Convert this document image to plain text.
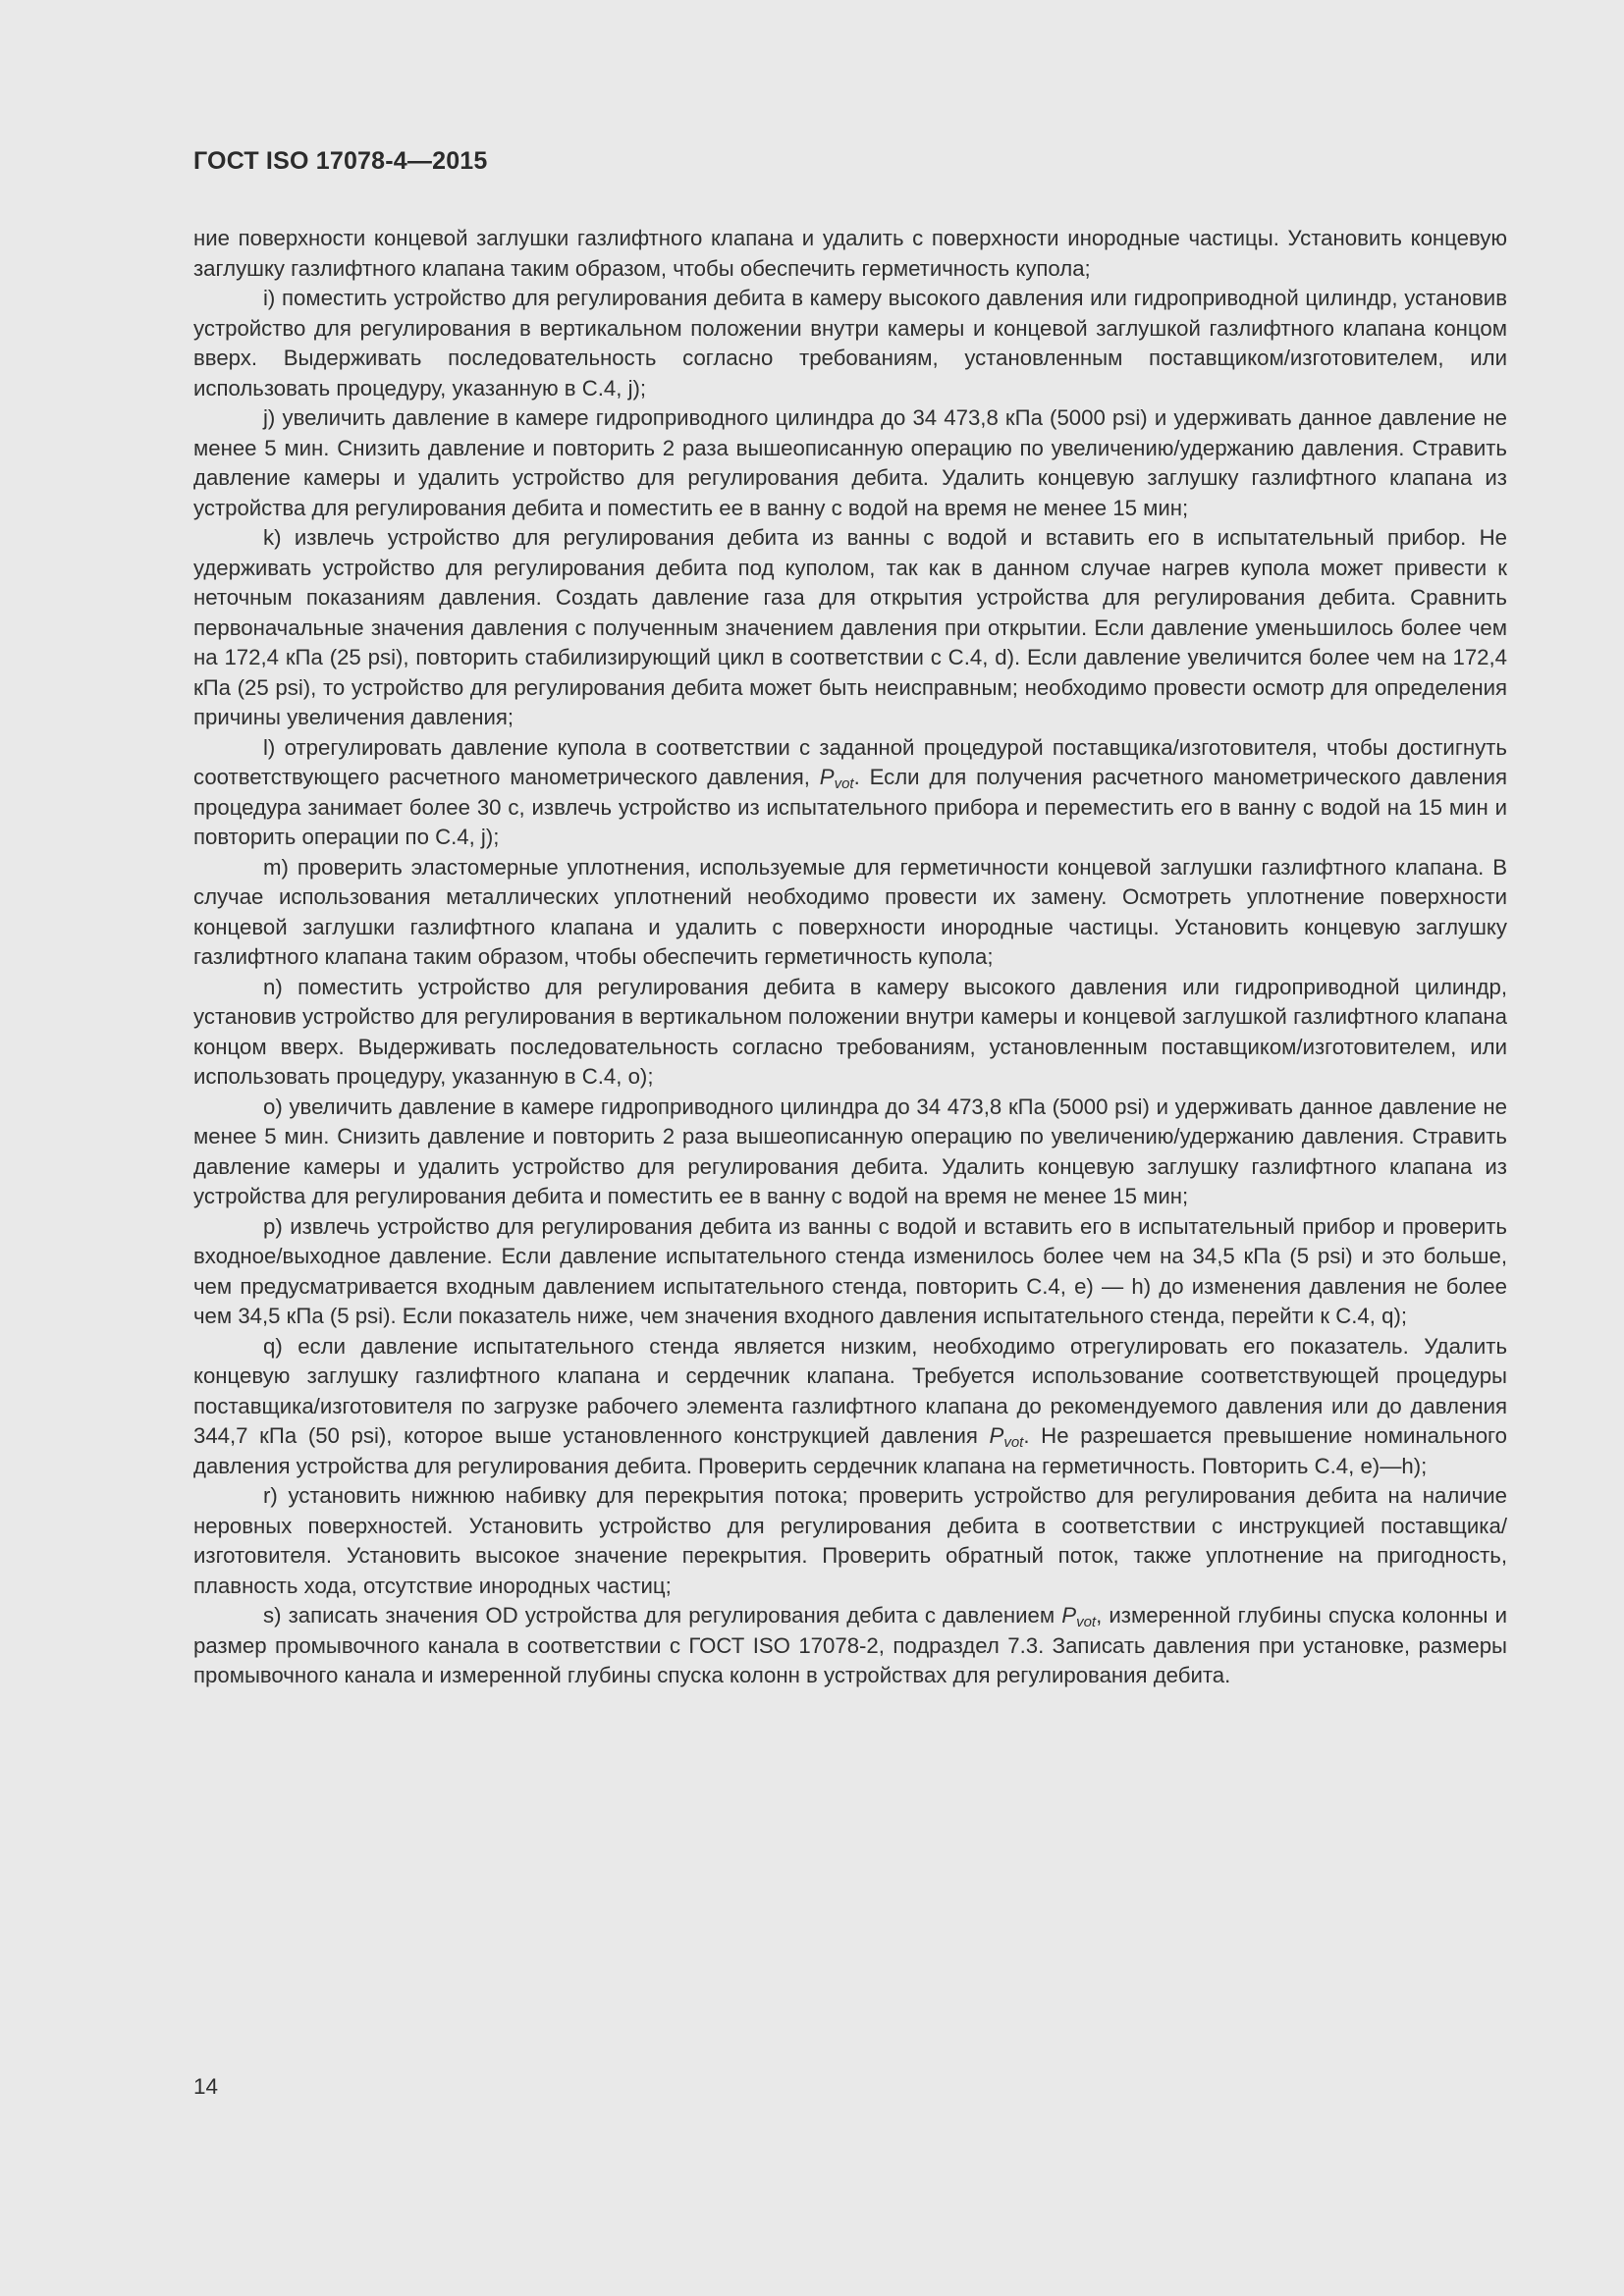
ГОСТ ISO 17078-4—2015

ние поверхности концевой заглушки газлифтного клапана и удалить с поверхности инородные частицы. Установить концевую заглушку газлифтного клапана таким образом, чтобы обеспечить герметичность купола;

i) поместить устройство для регулирования дебита в камеру высокого давления или гидроприводной цилиндр, установив устройство для регулирования в вертикальном положении внутри камеры и концевой заглушкой газлифтного клапана концом вверх. Выдерживать последовательность согласно требованиям, установленным поставщиком/изготовителем, или использовать процедуру, указанную в С.4, j);

j) увеличить давление в камере гидроприводного цилиндра до 34 473,8 кПа (5000 psi) и удерживать данное давление не менее 5 мин. Снизить давление и повторить 2 раза вышеописанную операцию по увеличению/удержанию давления. Стравить давление камеры и удалить устройство для регулирования дебита. Удалить концевую заглушку газлифтного клапана из устройства для регулирования дебита и поместить ее в ванну с водой на время не менее 15 мин;

k) извлечь устройство для регулирования дебита из ванны с водой и вставить его в испытательный прибор. Не удерживать устройство для регулирования дебита под куполом, так как в данном случае нагрев купола может привести к неточным показаниям давления. Создать давление газа для открытия устройства для регулирования дебита. Сравнить первоначальные значения давления с полученным значением давления при открытии. Если давление уменьшилось более чем на 172,4 кПа (25 psi), повторить стабилизирующий цикл в соответствии с С.4, d). Если давление увеличится более чем на 172,4 кПа (25 psi), то устройство для регулирования дебита может быть неисправным; необходимо провести осмотр для определения причины увеличения давления;

l) отрегулировать давление купола в соответствии с заданной процедурой поставщика/изготовителя, чтобы достигнуть соответствующего расчетного манометрического давления, $P_{vot}$. Если для получения расчетного манометрического давления процедура занимает более 30 с, извлечь устройство из испытательного прибора и переместить его в ванну с водой на 15 мин и повторить операции по С.4, j);

m) проверить эластомерные уплотнения, используемые для герметичности концевой заглушки газлифтного клапана. В случае использования металлических уплотнений необходимо провести их замену. Осмотреть уплотнение поверхности концевой заглушки газлифтного клапана и удалить с поверхности инородные частицы. Установить концевую заглушку газлифтного клапана таким образом, чтобы обеспечить герметичность купола;

n) поместить устройство для регулирования дебита в камеру высокого давления или гидроприводной цилиндр, установив устройство для регулирования в вертикальном положении внутри камеры и концевой заглушкой газлифтного клапана концом вверх. Выдерживать последовательность согласно требованиям, установленным поставщиком/изготовителем, или использовать процедуру, указанную в С.4, о);

о) увеличить давление в камере гидроприводного цилиндра до 34 473,8 кПа (5000 psi) и удерживать данное давление не менее 5 мин. Снизить давление и повторить 2 раза вышеописанную операцию по увеличению/удержанию давления. Стравить давление камеры и удалить устройство для регулирования дебита. Удалить концевую заглушку газлифтного клапана из устройства для регулирования дебита и поместить ее в ванну с водой на время не менее 15 мин;

р) извлечь устройство для регулирования дебита из ванны с водой и вставить его в испытательный прибор и проверить входное/выходное давление. Если давление испытательного стенда изменилось более чем на 34,5 кПа (5 psi) и это больше, чем предусматривается входным давлением испытательного стенда, повторить С.4, е) — h) до изменения давления не более чем 34,5 кПа (5 psi). Если показатель ниже, чем значения входного давления испытательного стенда, перейти к С.4, q);

q) если давление испытательного стенда является низким, необходимо отрегулировать его показатель. Удалить концевую заглушку газлифтного клапана и сердечник клапана. Требуется использование соответствующей процедуры поставщика/изготовителя по загрузке рабочего элемента газлифтного клапана до рекомендуемого давления или до давления 344,7 кПа (50 psi), которое выше установленного конструкцией давления $P_{vot}$. Не разрешается превышение номинального давления устройства для регулирования дебита. Проверить сердечник клапана на герметичность. Повторить С.4, е)—h);

r) установить нижнюю набивку для перекрытия потока; проверить устройство для регулирования дебита на наличие неровных поверхностей. Установить устройство для регулирования дебита в соответствии с инструкцией поставщика/изготовителя. Установить высокое значение перекрытия. Проверить обратный поток, также уплотнение на пригодность, плавность хода, отсутствие инородных частиц;

s) записать значения OD устройства для регулирования дебита с давлением $P_{vot}$, измеренной глубины спуска колонны и размер промывочного канала в соответствии с ГОСТ ISO 17078-2, подраздел 7.3. Записать давления при установке, размеры промывочного канала и измеренной глубины спуска колонн в устройствах для регулирования дебита.

14
